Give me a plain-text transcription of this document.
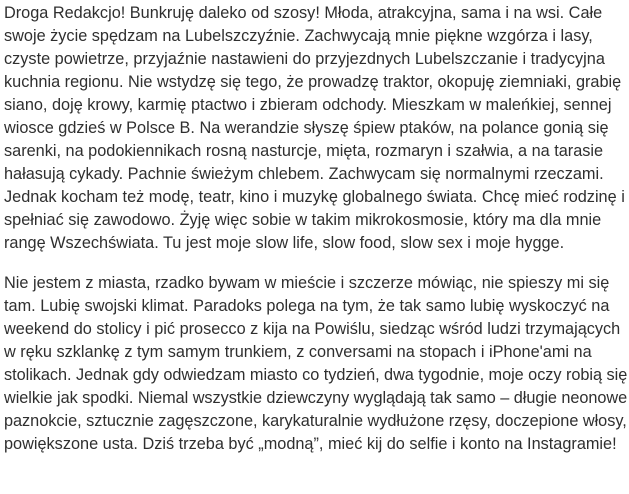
Droga Redakcjo! Bunkruję daleko od szosy! Młoda, atrakcyjna, sama i na wsi. Całe
swoje życie spędzam na Lubelszczyźnie. Zachwycają mnie piękne wzgórza i lasy,
czyste powietrze, przyjaźnie nastawieni do przyjezdnych Lubelszczanie i tradycyjna
kuchnia regionu. Nie wstydzę się tego, że prowadzę traktor, okopuję ziemniaki, grabię
siano, doję krowy, karmię ptactwo i zbieram odchody. Mieszkam w maleńkiej, sennej
wiosce gdzieś w Polsce B. Na werandzie słyszę śpiew ptaków, na polance gonią się
sarenki, na podokiennikach rosną nasturcje, mięta, rozmaryn i szałwia, a na tarasie
hałasują cykady. Pachnie świeżym chlebem. Zachwycam się normalnymi rzeczami.
Jednak kocham też modę, teatr, kino i muzykę globalnego świata. Chcę mieć rodzinę i
spełniać się zawodowo. Żyję więc sobie w takim mikrokosmosie, który ma dla mnie
rangę Wszechświata. Tu jest moje slow life, slow food, slow sex i moje hygge.

Nie jestem z miasta, rzadko bywam w mieście i szczerze mówiąc, nie spieszy mi się
tam. Lubię swojski klimat. Paradoks polega na tym, że tak samo lubię wyskoczyć na
weekend do stolicy i pić prosecco z kija na Powiślu, siedząc wśród ludzi trzymających
w ręku szklankę z tym samym trunkiem, z conversami na stopach i iPhone'ami na
stolikach. Jednak gdy odwiedzam miasto co tydzień, dwa tygodnie, moje oczy robią się
wielkie jak spodki. Niemal wszystkie dziewczyny wyglądają tak samo – długie neonowe
paznokcie, sztucznie zagęszczone, karykaturalnie wydłużone rzęsy, doczepione włosy,
powiększone usta. Dziś trzeba być „modną”, mieć kij do selfie i konto na Instagramie!
